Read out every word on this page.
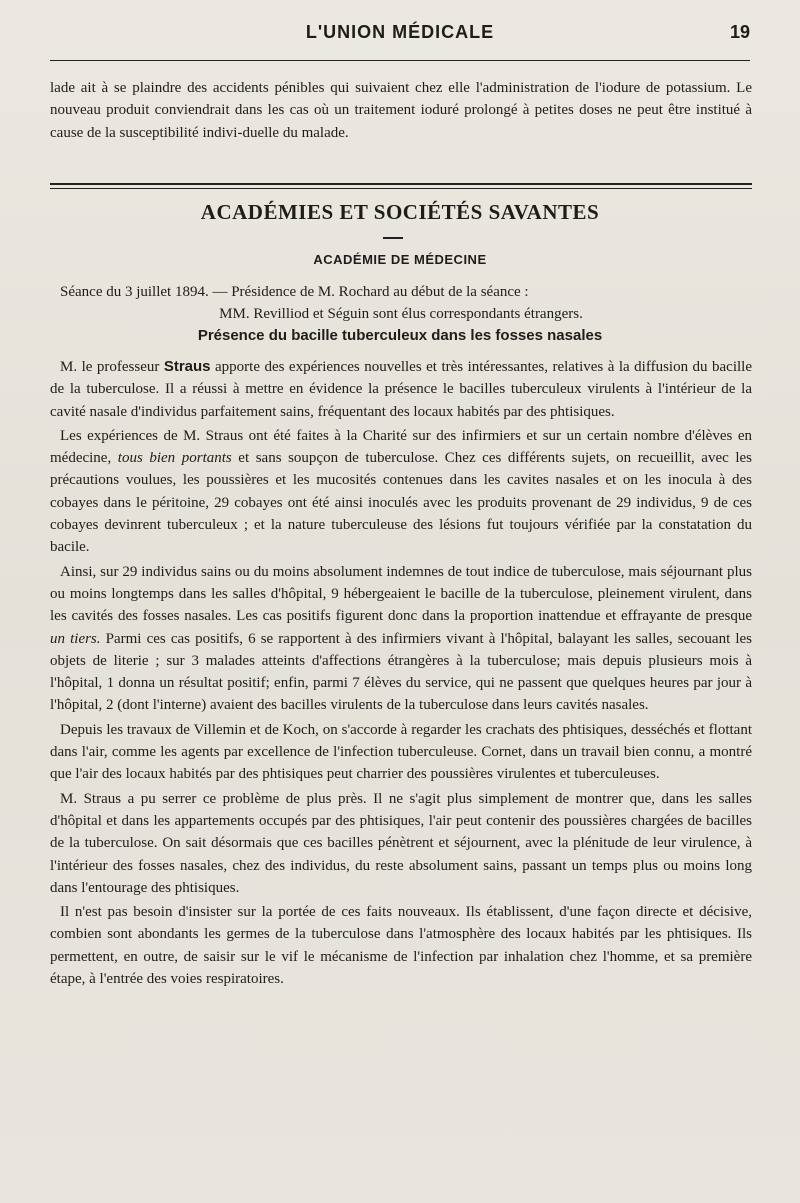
L'UNION MÉDICALE	19

lade ait à se plaindre des accidents pénibles qui suivaient chez elle l'administration de l'iodure de potassium. Le nouveau produit conviendrait dans les cas où un traitement ioduré prolongé à petites doses ne peut être institué à cause de la susceptibilité indivi-duelle du malade.

ACADÉMIES ET SOCIÉTÉS SAVANTES
ACADÉMIE DE MÉDECINE

Séance du 3 juillet 1894. — Présidence de M. Rochard au début de la séance :

MM. Revilliod et Séguin sont élus correspondants étrangers.

Présence du bacille tuberculeux dans les fosses nasales

M. le professeur Straus apporte des expériences nouvelles et très intéressantes, relatives à la diffusion du bacille de la tuberculose. Il a réussi à mettre en évidence la présence le bacilles tuberculeux virulents à l'intérieur de la cavité nasale d'individus parfaitement sains, fréquentant des locaux habités par des phtisiques.

Les expériences de M. Straus ont été faites à la Charité sur des infirmiers et sur un certain nombre d'élèves en médecine, tous bien portants et sans soupçon de tuberculose. Chez ces différents sujets, on recueillit, avec les précautions voulues, les poussières et les mucosités contenues dans les cavites nasales et on les inocula à des cobayes dans le péritoine, 29 cobayes ont été ainsi inoculés avec les produits provenant de 29 individus, 9 de ces cobayes devinrent tuberculeux ; et la nature tuberculeuse des lésions fut toujours vérifiée par la constatation du bacile.

Ainsi, sur 29 individus sains ou du moins absolument indemnes de tout indice de tuberculose, mais séjournant plus ou moins longtemps dans les salles d'hôpital, 9 hébergeaient le bacille de la tuberculose, pleinement virulent, dans les cavités des fosses nasales. Les cas positifs figurent donc dans la proportion inattendue et effrayante de presque un tiers. Parmi ces cas positifs, 6 se rapportent à des infirmiers vivant à l'hôpital, balayant les salles, secouant les objets de literie ; sur 3 malades atteints d'affections étrangères à la tuberculose; mais depuis plusieurs mois à l'hôpital, 1 donna un résultat positif; enfin, parmi 7 élèves du service, qui ne passent que quelques heures par jour à l'hôpital, 2 (dont l'interne) avaient des bacilles virulents de la tuberculose dans leurs cavités nasales.

Depuis les travaux de Villemin et de Koch, on s'accorde à regarder les crachats des phtisiques, desséchés et flottant dans l'air, comme les agents par excellence de l'infection tuberculeuse. Cornet, dans un travail bien connu, a montré que l'air des locaux habités par des phtisiques peut charrier des poussières virulentes et tuberculeuses.

M. Straus a pu serrer ce problème de plus près. Il ne s'agit plus simplement de montrer que, dans les salles d'hôpital et dans les appartements occupés par des phtisiques, l'air peut contenir des poussières chargées de bacilles de la tuberculose. On sait désormais que ces bacilles pénètrent et séjournent, avec la plénitude de leur virulence, à l'intérieur des fosses nasales, chez des individus, du reste absolument sains, passant un temps plus ou moins long dans l'entourage des phtisiques.

Il n'est pas besoin d'insister sur la portée de ces faits nouveaux. Ils établissent, d'une façon directe et décisive, combien sont abondants les germes de la tuberculose dans l'atmosphère des locaux habités par les phtisiques. Ils permettent, en outre, de saisir sur le vif le mécanisme de l'infection par inhalation chez l'homme, et sa première étape, à l'entrée des voies respiratoires.
